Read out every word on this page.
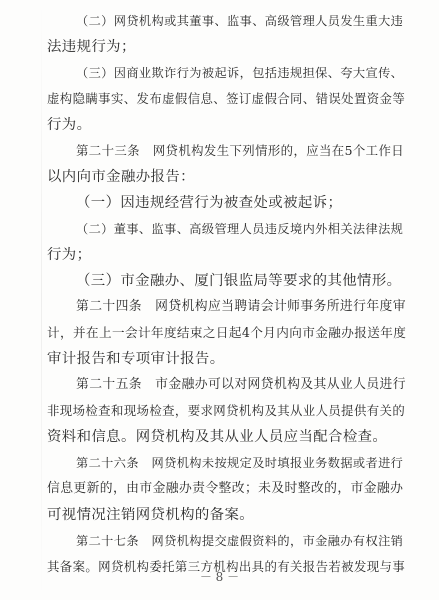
（二）网贷机构或其董事、监事、高级管理人员发生重大违
法违规行为；
（三）因商业欺诈行为被起诉，包括违规担保、夸大宣传、
虚构隐瞒事实、发布虚假信息、签订虚假合同、错误处置资金等
行为。
第二十三条　网贷机构发生下列情形的，应当在5个工作日
以内向市金融办报告：
（一）因违规经营行为被查处或被起诉；
（二）董事、监事、高级管理人员违反境内外相关法律法规
行为；
（三）市金融办、厦门银监局等要求的其他情形。
第二十四条　网贷机构应当聘请会计师事务所进行年度审
计，并在上一会计年度结束之日起4个月内向市金融办报送年度
审计报告和专项审计报告。
第二十五条　市金融办可以对网贷机构及其从业人员进行
非现场检查和现场检查，要求网贷机构及其从业人员提供有关的
资料和信息。网贷机构及其从业人员应当配合检查。
第二十六条　网贷机构未按规定及时填报业务数据或者进行
信息更新的，由市金融办责令整改；未及时整改的，市金融办
可视情况注销网贷机构的备案。
第二十七条　网贷机构提交虚假资料的，市金融办有权注销
其备案。网贷机构委托第三方机构出具的有关报告若被发现与事
－ 8 －
